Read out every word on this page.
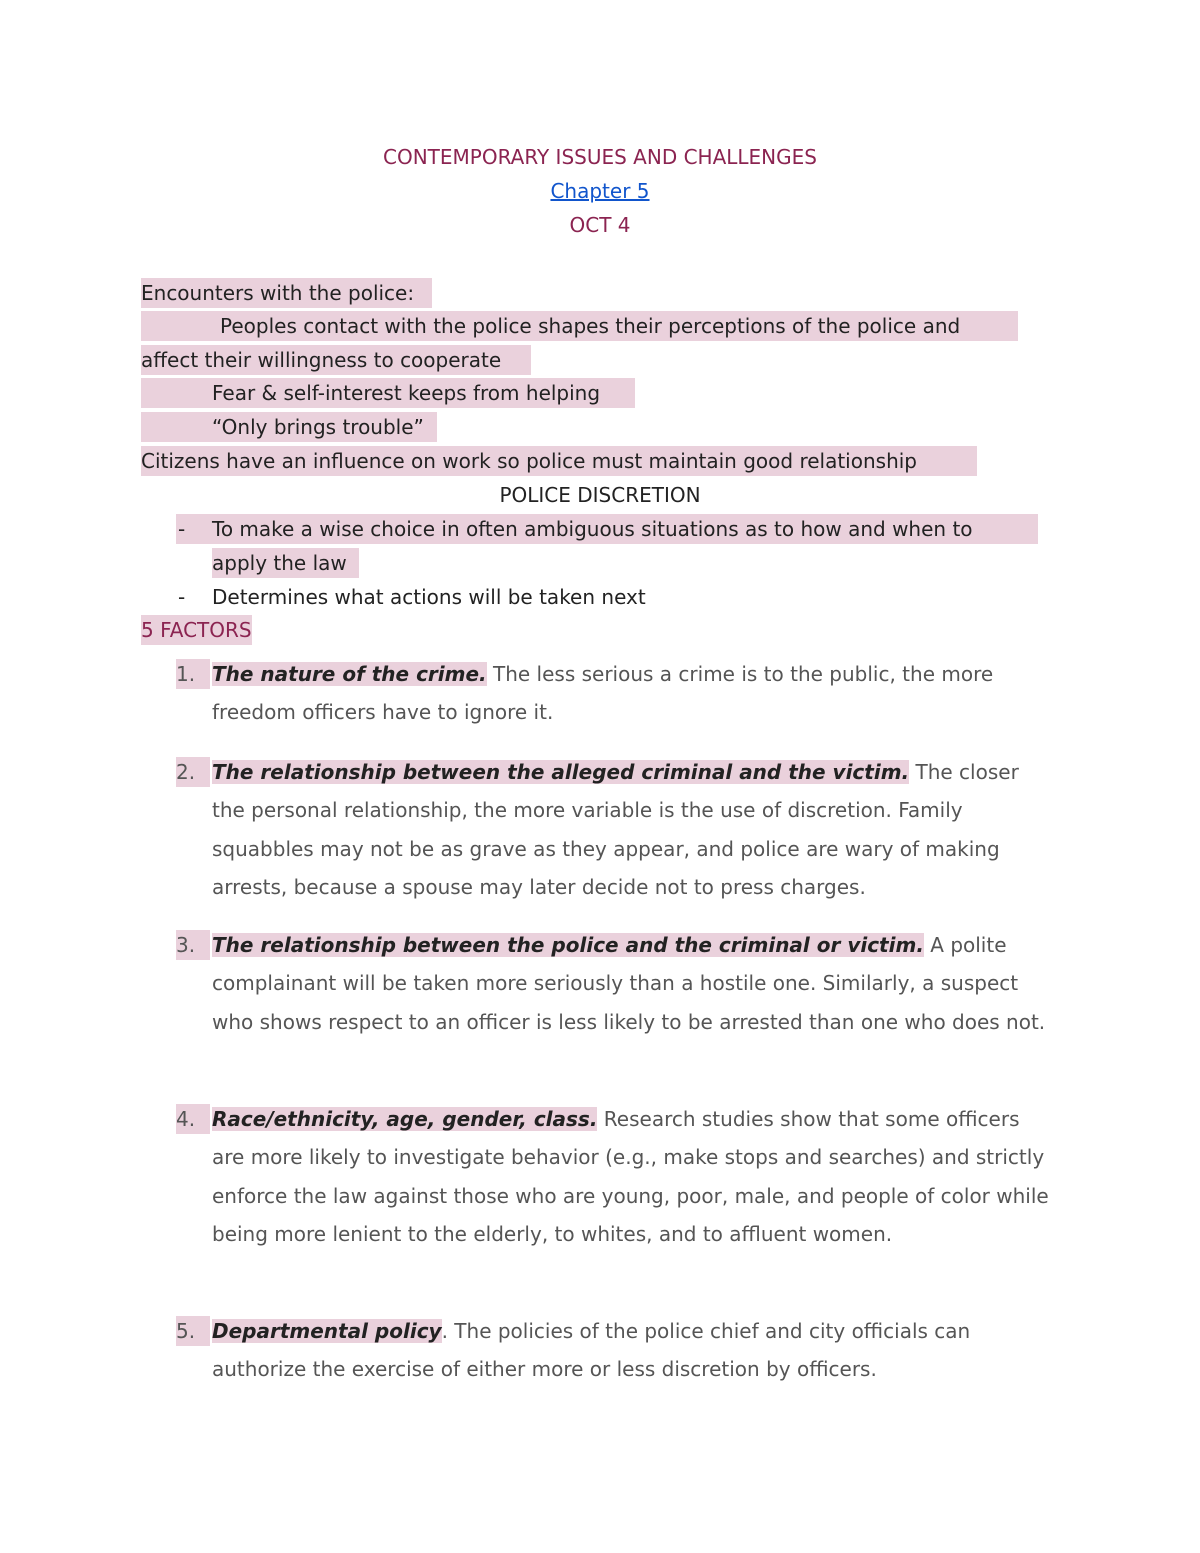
CONTEMPORARY ISSUES AND CHALLENGES
Chapter 5
OCT 4
Encounters with the police:
Peoples contact with the police shapes their perceptions of the police and
affect their willingness to cooperate
Fear & self-interest keeps from helping
“Only brings trouble”
Citizens have an influence on work so police must maintain good relationship
POLICE DISCRETION
- To make a wise choice in often ambiguous situations as to how and when to
apply the law
- Determines what actions will be taken next
5 FACTORS
1. The nature of the crime. The less serious a crime is to the public, the more freedom officers have to ignore it.
2. The relationship between the alleged criminal and the victim. The closer the personal relationship, the more variable is the use of discretion. Family squabbles may not be as grave as they appear, and police are wary of making arrests, because a spouse may later decide not to press charges.
3. The relationship between the police and the criminal or victim. A polite complainant will be taken more seriously than a hostile one. Similarly, a suspect who shows respect to an officer is less likely to be arrested than one who does not.
4. Race/ethnicity, age, gender, class. Research studies show that some officers are more likely to investigate behavior (e.g., make stops and searches) and strictly enforce the law against those who are young, poor, male, and people of color while being more lenient to the elderly, to whites, and to affluent women.
5. Departmental policy. The policies of the police chief and city officials can authorize the exercise of either more or less discretion by officers.
